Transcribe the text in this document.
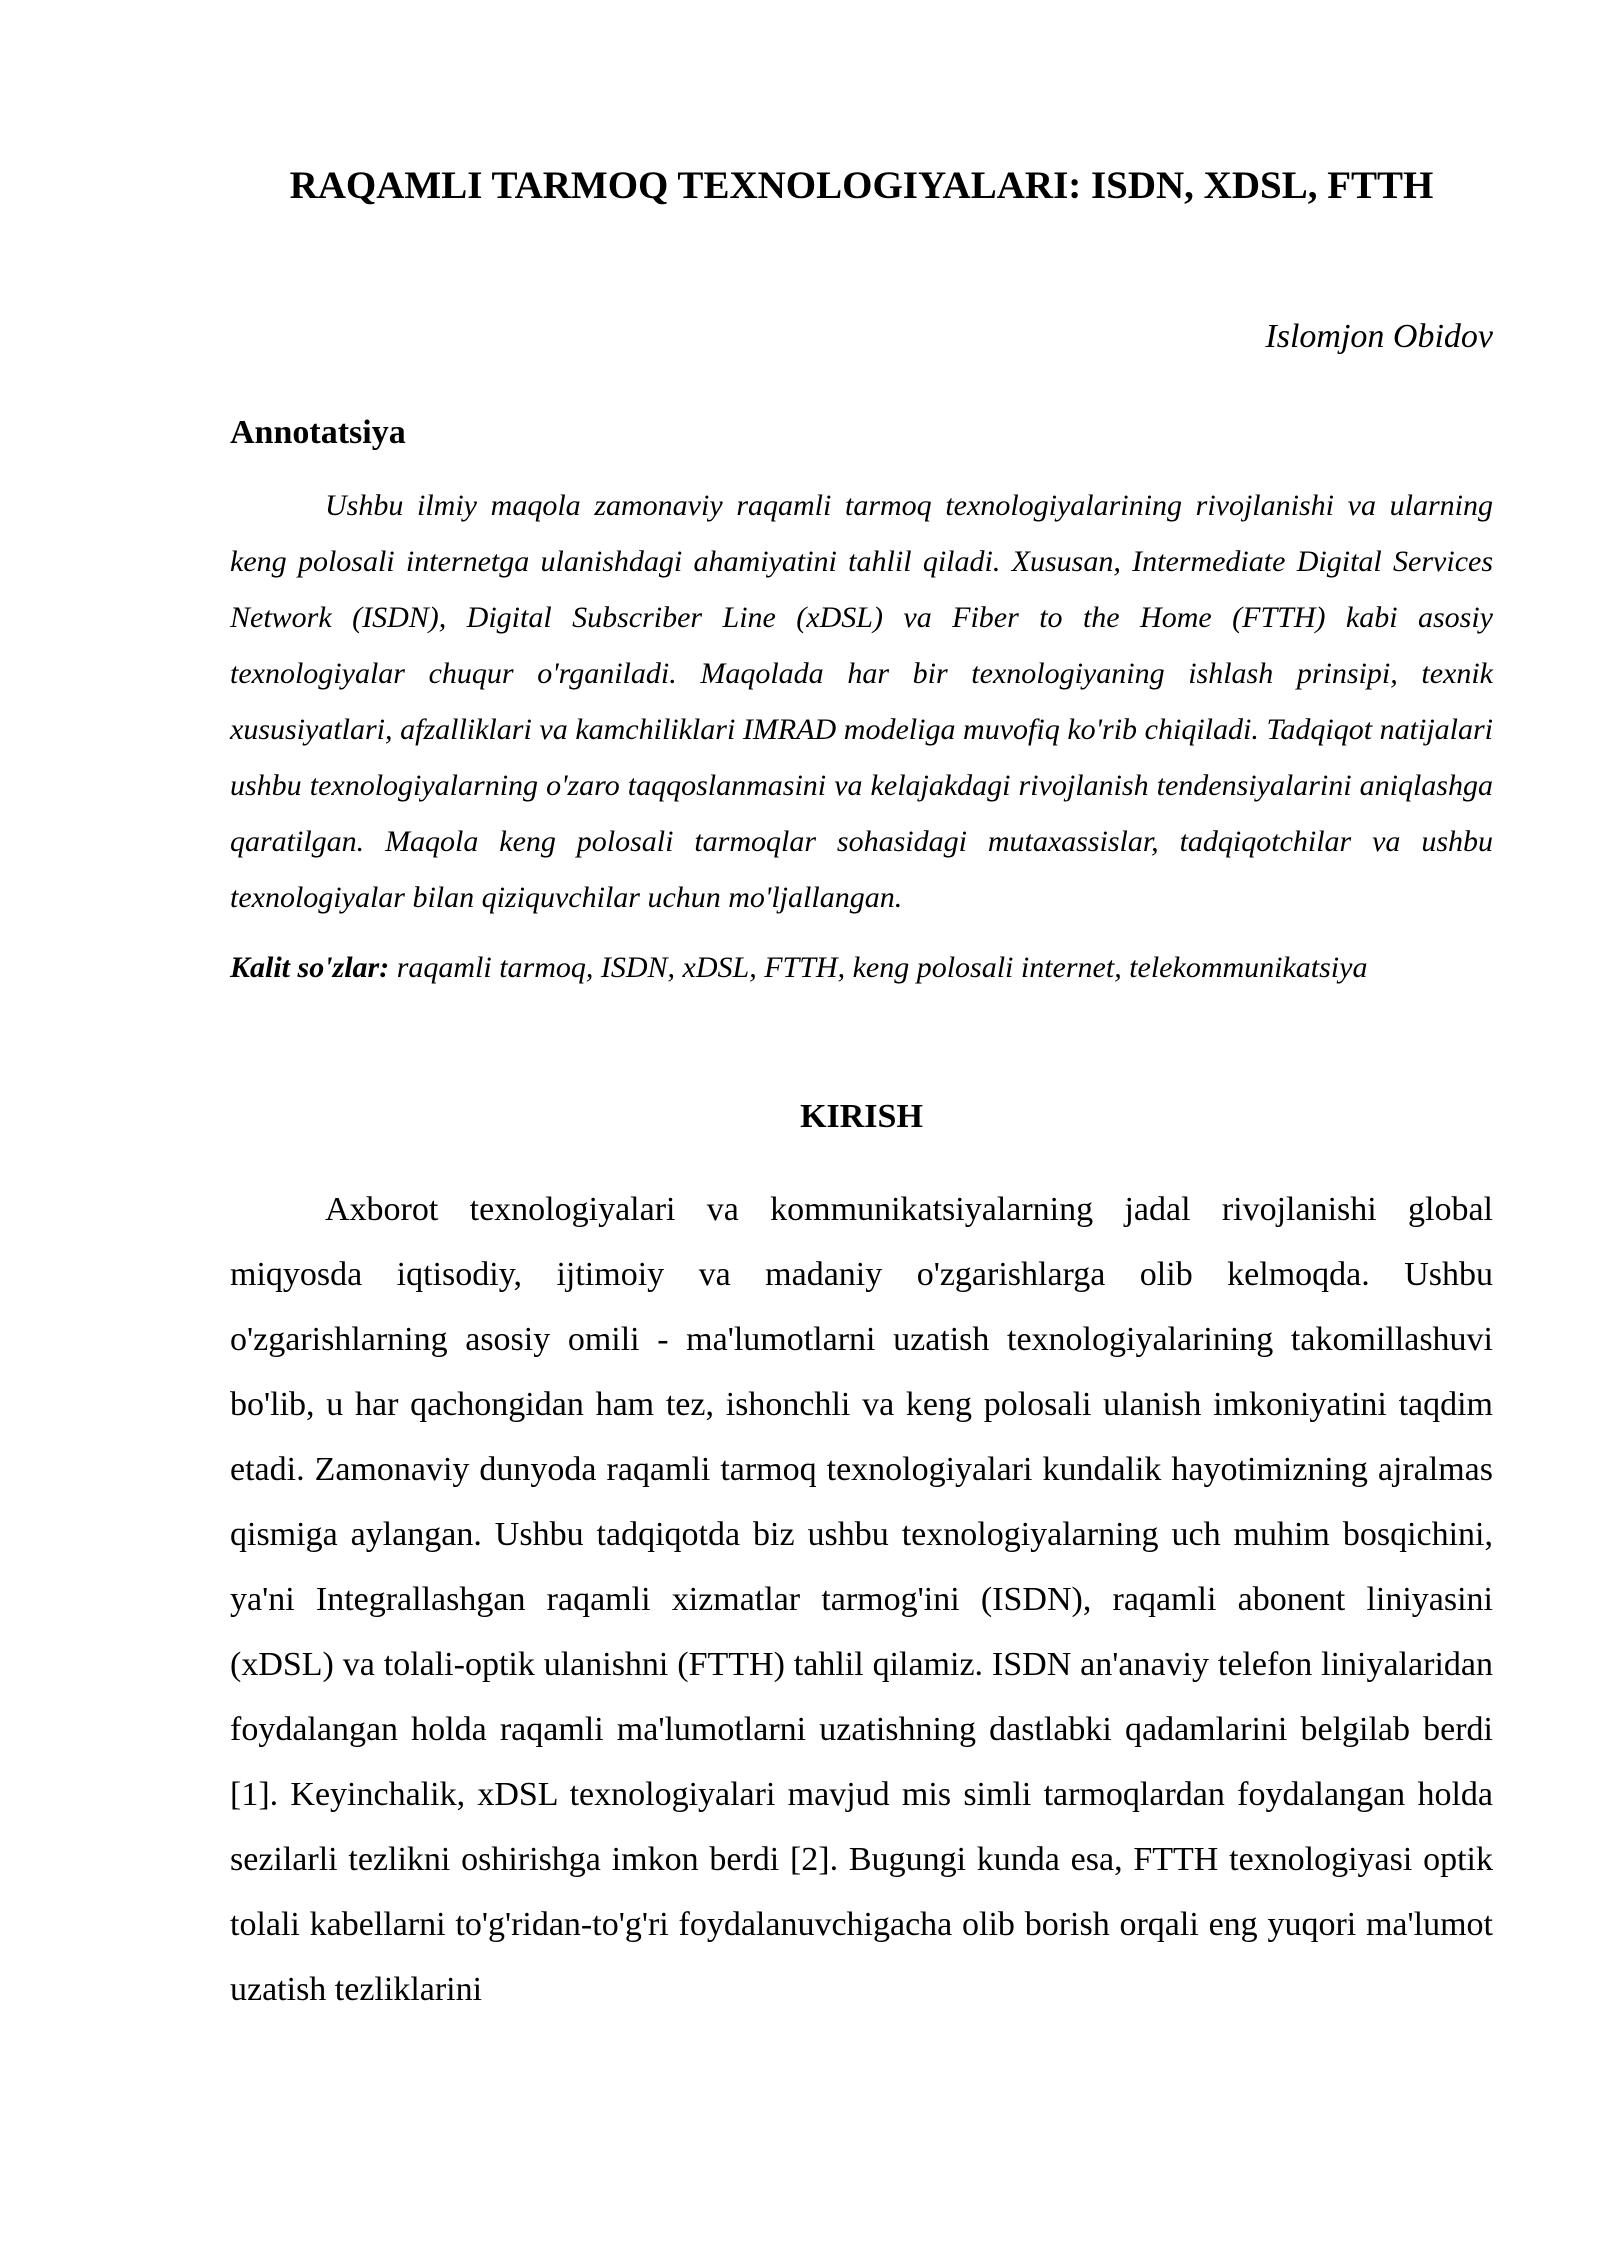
RAQAMLI TARMOQ TEXNOLOGIYALARI: ISDN, XDSL, FTTH

Islomjon Obidov

Annotatsiya

Ushbu ilmiy maqola zamonaviy raqamli tarmoq texnologiyalarining rivojlanishi va ularning keng polosali internetga ulanishdagi ahamiyatini tahlil qiladi. Xususan, Intermediate Digital Services Network (ISDN), Digital Subscriber Line (xDSL) va Fiber to the Home (FTTH) kabi asosiy texnologiyalar chuqur o'rganiladi. Maqolada har bir texnologiyaning ishlash prinsipi, texnik xususiyatlari, afzalliklari va kamchiliklari IMRAD modeliga muvofiq ko'rib chiqiladi. Tadqiqot natijalari ushbu texnologiyalarning o'zaro taqqoslanmasini va kelajakdagi rivojlanish tendensiyalarini aniqlashga qaratilgan. Maqola keng polosali tarmoqlar sohasidagi mutaxassislar, tadqiqotchilar va ushbu texnologiyalar bilan qiziquvchilar uchun mo'ljallangan.

Kalit so'zlar: raqamli tarmoq, ISDN, xDSL, FTTH, keng polosali internet, telekommunikatsiya

KIRISH

Axborot texnologiyalari va kommunikatsiyalarning jadal rivojlanishi global miqyosda iqtisodiy, ijtimoiy va madaniy o'zgarishlarga olib kelmoqda. Ushbu o'zgarishlarning asosiy omili - ma'lumotlarni uzatish texnologiyalarining takomillashuvi bo'lib, u har qachongidan ham tez, ishonchli va keng polosali ulanish imkoniyatini taqdim etadi. Zamonaviy dunyoda raqamli tarmoq texnologiyalari kundalik hayotimizning ajralmas qismiga aylangan. Ushbu tadqiqotda biz ushbu texnologiyalarning uch muhim bosqichini, ya'ni Integrallashgan raqamli xizmatlar tarmog'ini (ISDN), raqamli abonent liniyasini (xDSL) va tolali-optik ulanishni (FTTH) tahlil qilamiz. ISDN an'anaviy telefon liniyalaridan foydalangan holda raqamli ma'lumotlarni uzatishning dastlabki qadamlarini belgilab berdi [1]. Keyinchalik, xDSL texnologiyalari mavjud mis simli tarmoqlardan foydalangan holda sezilarli tezlikni oshirishga imkon berdi [2]. Bugungi kunda esa, FTTH texnologiyasi optik tolali kabellarni to'g'ridan-to'g'ri foydalanuvchigacha olib borish orqali eng yuqori ma'lumot uzatish tezliklarini
